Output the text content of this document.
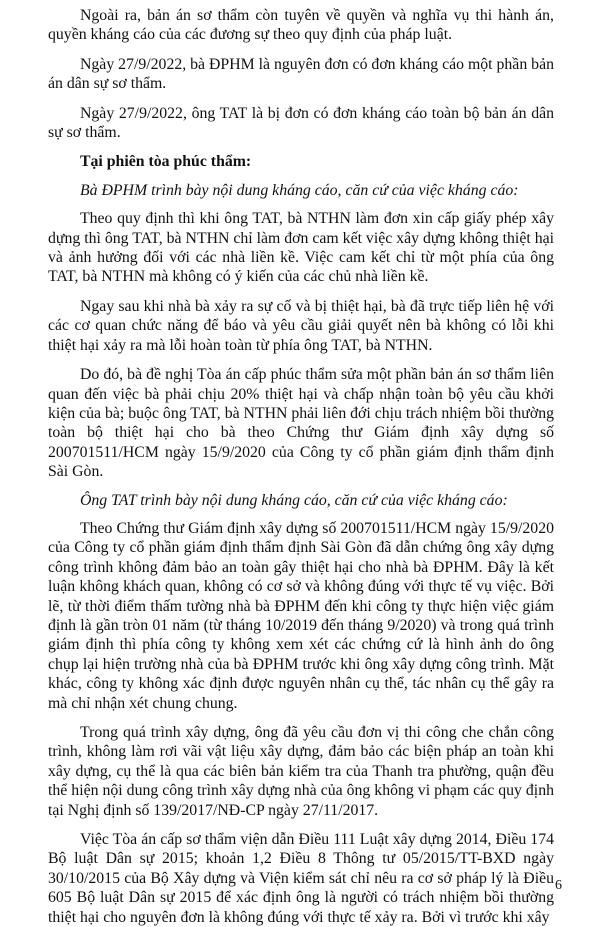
Ngoài ra, bản án sơ thẩm còn tuyên về quyền và nghĩa vụ thi hành án, quyền kháng cáo của các đương sự theo quy định của pháp luật.

Ngày 27/9/2022, bà ĐPHM là nguyên đơn có đơn kháng cáo một phần bản án dân sự sơ thẩm.

Ngày 27/9/2022, ông TAT là bị đơn có đơn kháng cáo toàn bộ bản án dân sự sơ thẩm.

Tại phiên tòa phúc thẩm:

Bà ĐPHM trình bày nội dung kháng cáo, căn cứ của việc kháng cáo:

Theo quy định thì khi ông TAT, bà NTHN làm đơn xin cấp giấy phép xây dựng thì ông TAT, bà NTHN chỉ làm đơn cam kết việc xây dựng không thiệt hại và ảnh hưởng đối với các nhà liền kề. Việc cam kết chỉ từ một phía của ông TAT, bà NTHN mà không có ý kiến của các chủ nhà liền kề.

Ngay sau khi nhà bà xảy ra sự cố và bị thiệt hại, bà đã trực tiếp liên hệ với các cơ quan chức năng để báo và yêu cầu giải quyết nên bà không có lỗi khi thiệt hại xảy ra mà lỗi hoàn toàn từ phía ông TAT, bà NTHN.

Do đó, bà đề nghị Tòa án cấp phúc thẩm sửa một phần bản án sơ thẩm liên quan đến việc bà phải chịu 20% thiệt hại và chấp nhận toàn bộ yêu cầu khởi kiện của bà; buộc ông TAT, bà NTHN phải liên đới chịu trách nhiệm bồi thường toàn bộ thiệt hại cho bà theo Chứng thư Giám định xây dựng số 200701511/HCM ngày 15/9/2020 của Công ty cổ phần giám định thẩm định Sài Gòn.

Ông TAT trình bày nội dung kháng cáo, căn cứ của việc kháng cáo:

Theo Chứng thư Giám định xây dựng số 200701511/HCM ngày 15/9/2020 của Công ty cổ phần giám định thẩm định Sài Gòn đã dẫn chứng ông xây dựng công trình không đảm bảo an toàn gây thiệt hại cho nhà bà ĐPHM. Đây là kết luận không khách quan, không có cơ sở và không đúng với thực tế vụ việc. Bởi lẽ, từ thời điểm thấm tường nhà bà ĐPHM đến khi công ty thực hiện việc giám định là gần tròn 01 năm (từ tháng 10/2019 đến tháng 9/2020) và trong quá trình giám định thì phía công ty không xem xét các chứng cứ là hình ảnh do ông chụp lại hiện trường nhà của bà ĐPHM trước khi ông xây dựng công trình. Mặt khác, công ty không xác định được nguyên nhân cụ thể, tác nhân cụ thể gây ra mà chỉ nhận xét chung chung.

Trong quá trình xây dựng, ông đã yêu cầu đơn vị thi công che chắn công trình, không làm rơi vãi vật liệu xây dựng, đảm bảo các biện pháp an toàn khi xây dựng, cụ thể là qua các biên bản kiểm tra của Thanh tra phường, quận đều thể hiện nội dung công trình xây dựng nhà của ông không vi phạm các quy định tại Nghị định số 139/2017/NĐ-CP ngày 27/11/2017.

Việc Tòa án cấp sơ thẩm viện dẫn Điều 111 Luật xây dựng 2014, Điều 174 Bộ luật Dân sự 2015; khoản 1,2 Điều 8 Thông tư 05/2015/TT-BXD ngày 30/10/2015 của Bộ Xây dựng và Viện kiểm sát chỉ nêu ra cơ sở pháp lý là Điều 605 Bộ luật Dân sự 2015 để xác định ông là người có trách nhiệm bồi thường thiệt hại cho nguyên đơn là không đúng với thực tế xảy ra. Bởi vì trước khi xây

6
